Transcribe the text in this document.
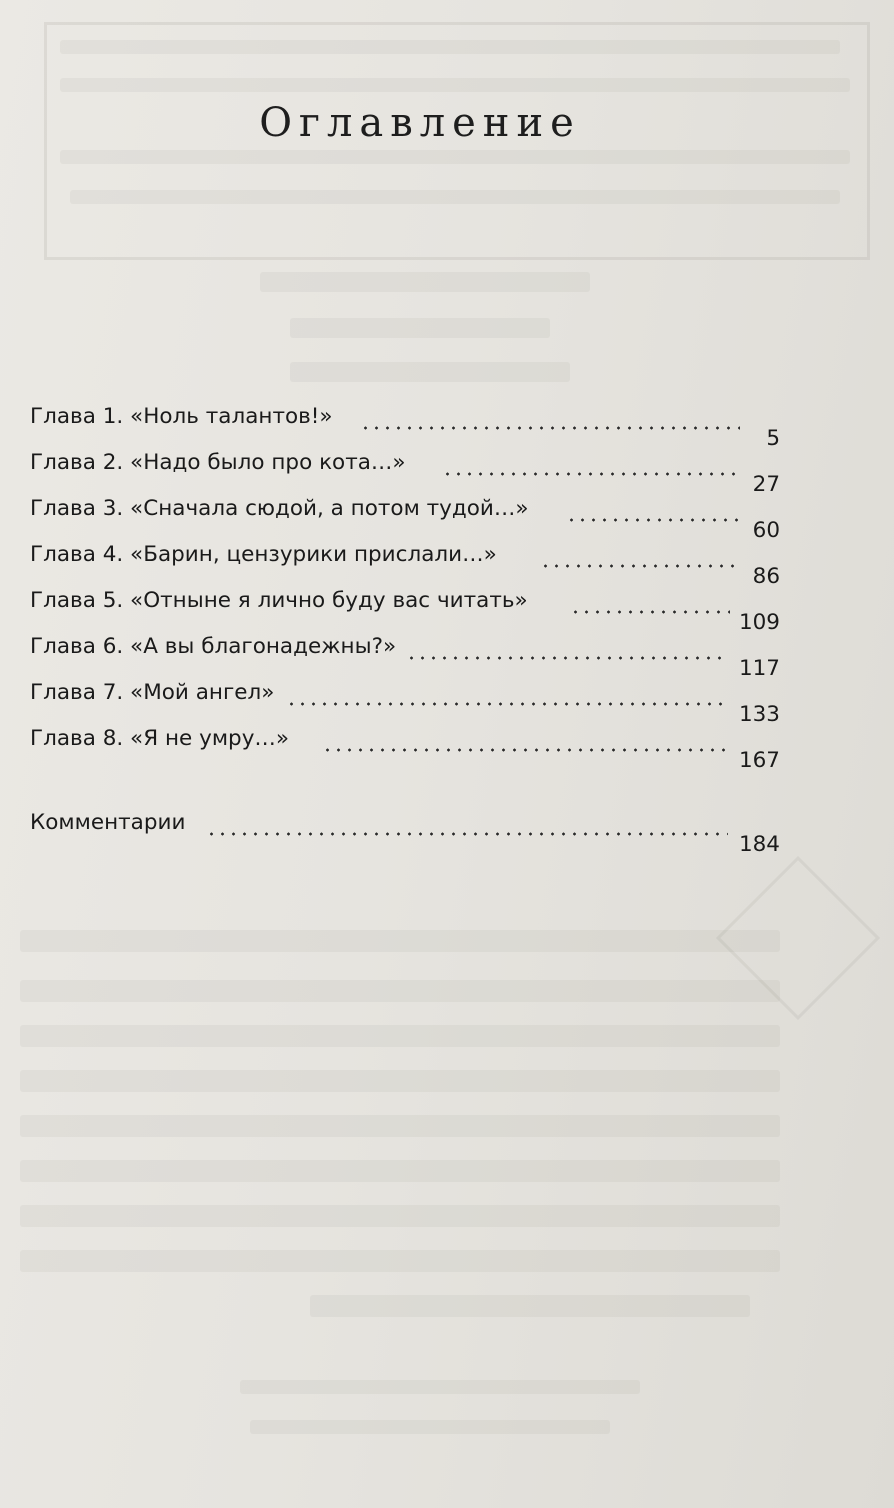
Оглавление
Глава 1. «Ноль талантов!»
5
Глава 2. «Надо было про кота…»
27
Глава 3. «Сначала сюдой, а потом тудой…»
60
Глава 4. «Барин, цензурики прислали…»
86
Глава 5. «Отныне я лично буду вас читать»
109
Глава 6. «А вы благонадежны?»
117
Глава 7. «Мой ангел»
133
Глава 8. «Я не умру…»
167
Комментарии
184
